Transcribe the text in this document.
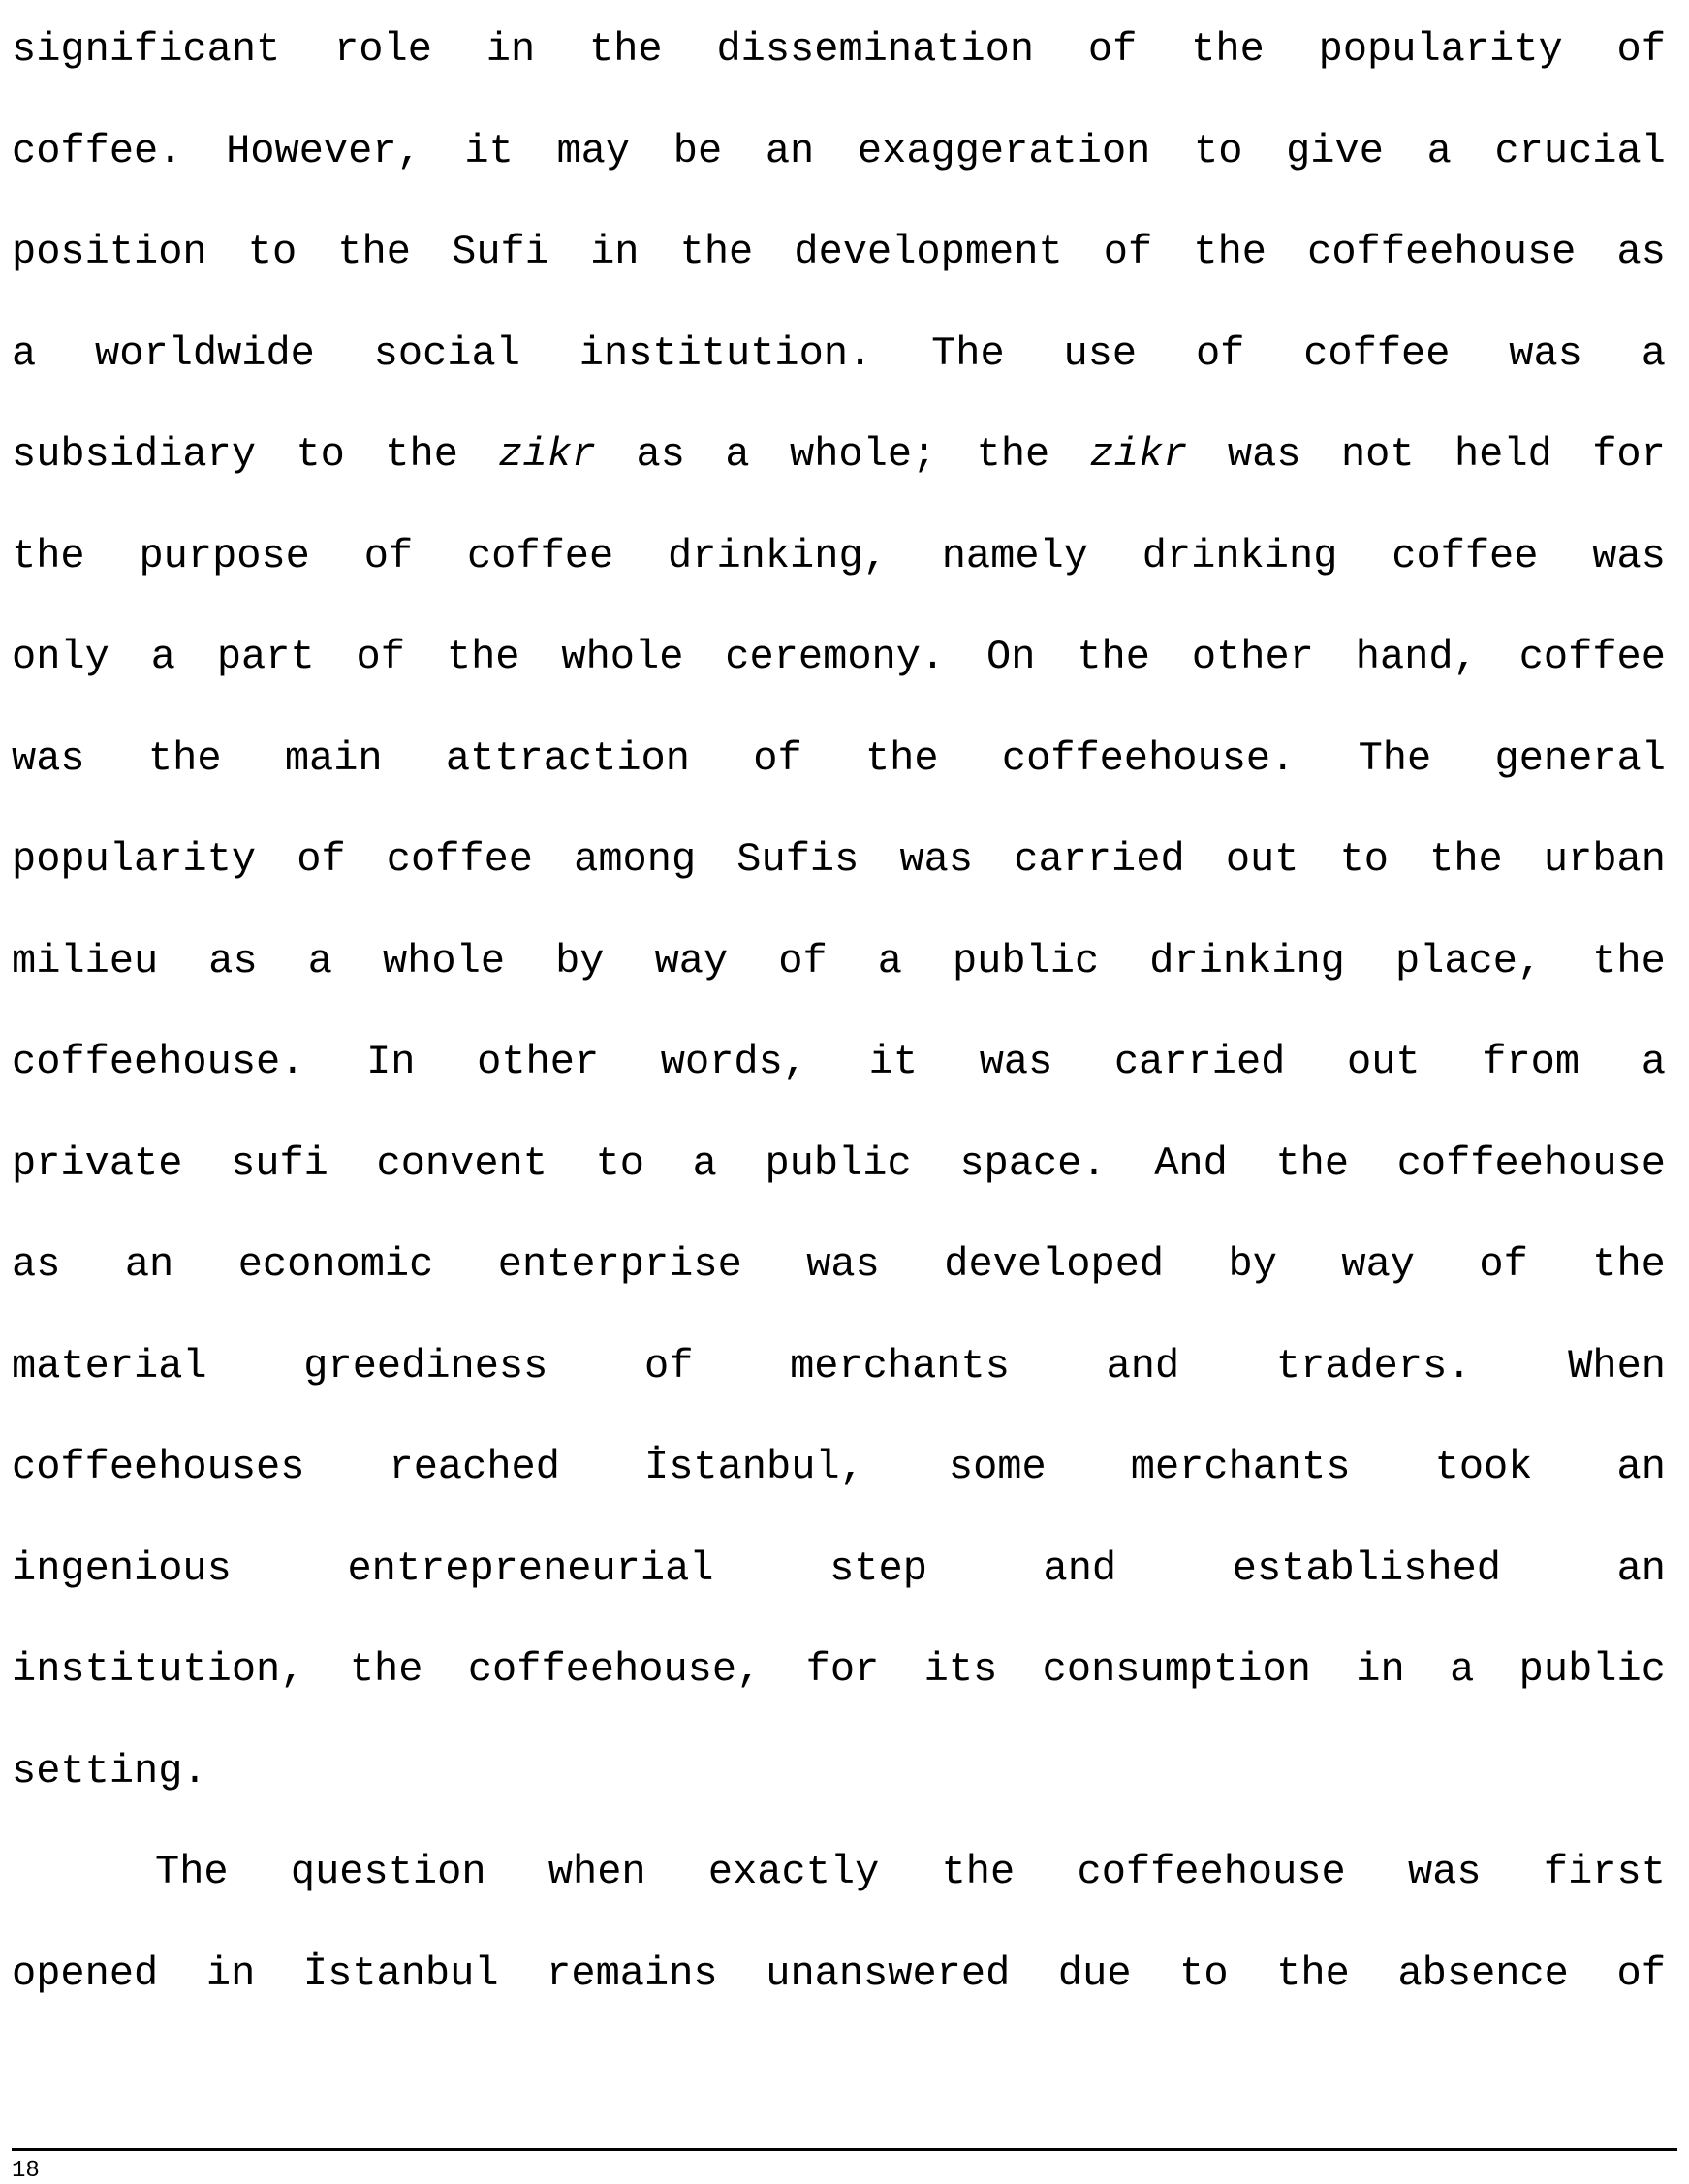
significant role in the dissemination of the popularity of
coffee. However, it may be an exaggeration to give a crucial
position to the Sufi in the development of the coffeehouse as
a worldwide social institution. The use of coffee was a
subsidiary to the zikr as a whole; the zikr was not held for
the purpose of coffee drinking, namely drinking coffee was
only a part of the whole ceremony. On the other hand, coffee
was the main attraction of the coffeehouse. The general
popularity of coffee among Sufis was carried out to the urban
milieu as a whole by way of a public drinking place, the
coffeehouse. In other words, it was carried out from a
private sufi convent to a public space. And the coffeehouse
as an economic enterprise was developed by way of the
material greediness of merchants and traders. When
coffeehouses reached İstanbul, some merchants took an
ingenious	entrepreneurial	step	and	established	an
institution, the coffeehouse, for its consumption in a public
setting.
The question when exactly the coffeehouse was first
opened in İstanbul remains unanswered due to the absence of
18
